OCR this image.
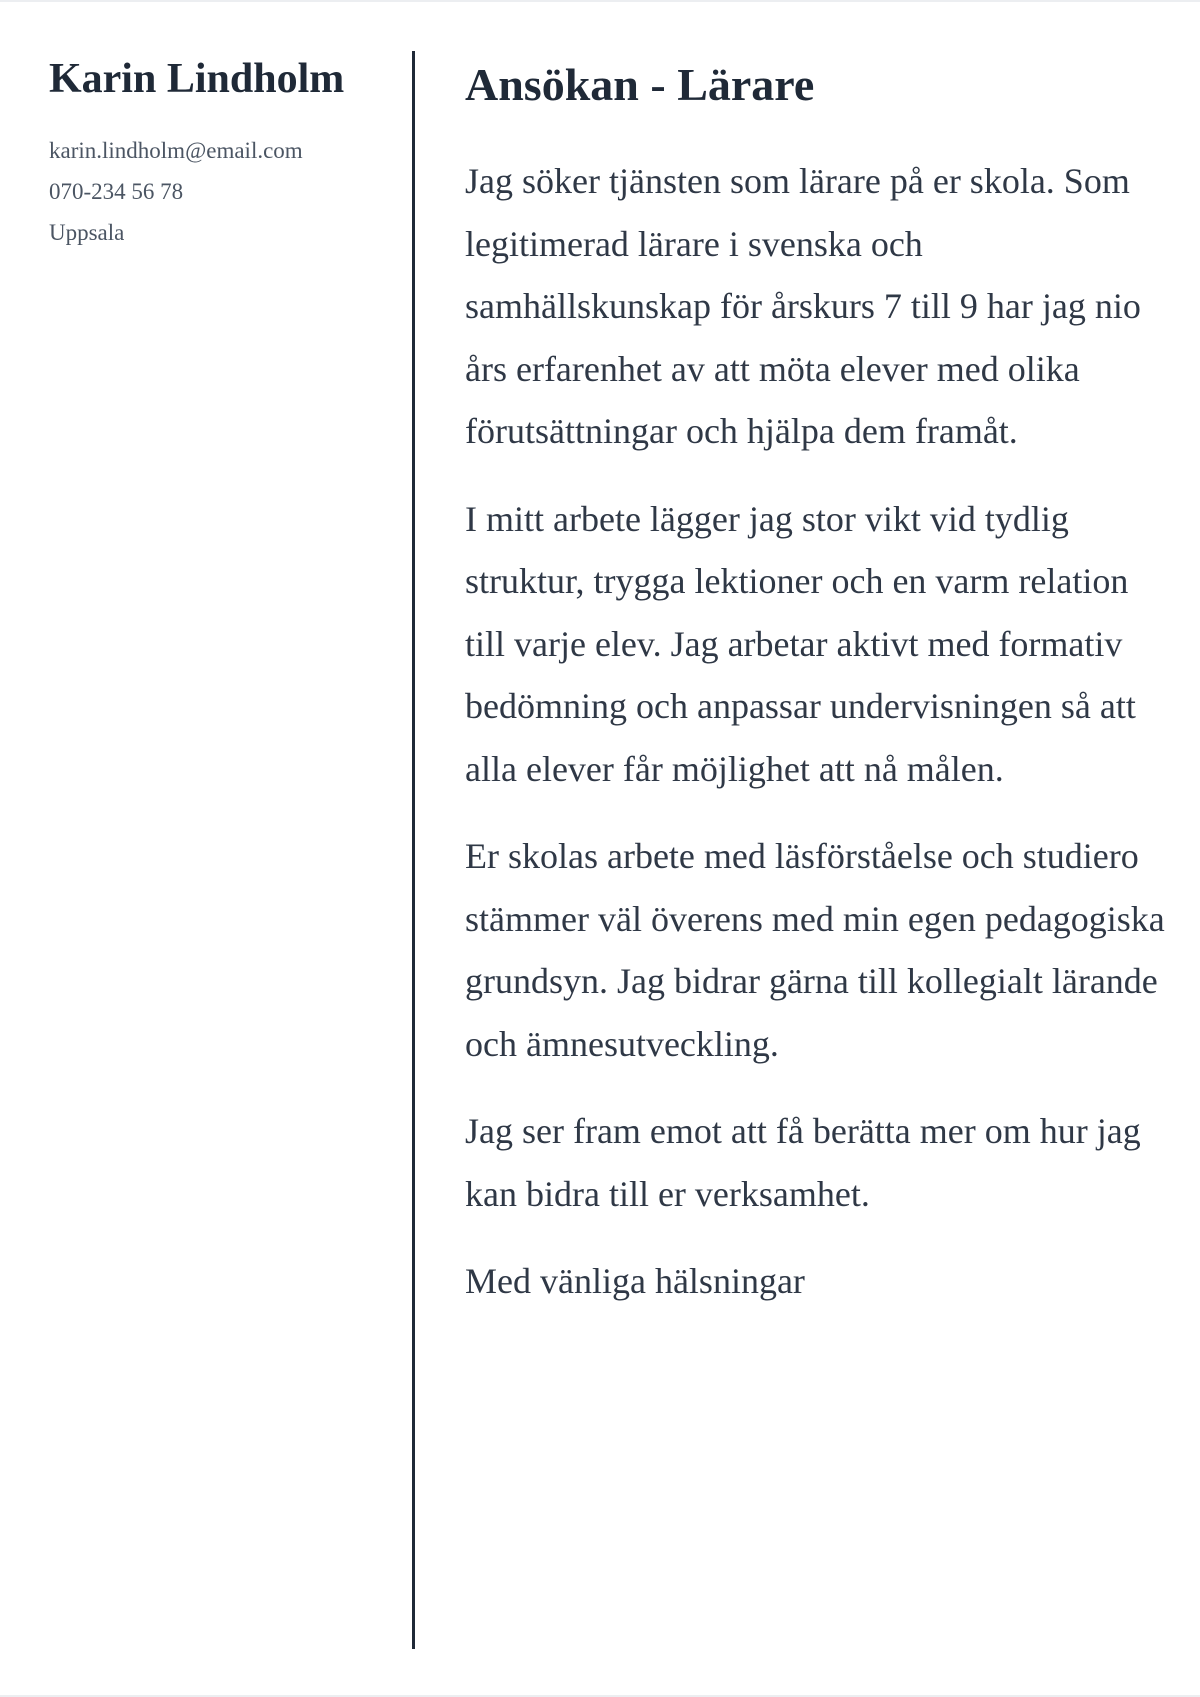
Karin Lindholm
karin.lindholm@email.com
070-234 56 78
Uppsala
Ansökan - Lärare

Jag söker tjänsten som lärare på er skola. Som legitimerad lärare i svenska och samhällskunskap för årskurs 7 till 9 har jag nio års erfarenhet av att möta elever med olika förutsättningar och hjälpa dem framåt.

I mitt arbete lägger jag stor vikt vid tydlig struktur, trygga lektioner och en varm relation till varje elev. Jag arbetar aktivt med formativ bedömning och anpassar undervisningen så att alla elever får möjlighet att nå målen.

Er skolas arbete med läsförståelse och studiero stämmer väl överens med min egen pedagogiska grundsyn. Jag bidrar gärna till kollegialt lärande och ämnesutveckling.

Jag ser fram emot att få berätta mer om hur jag kan bidra till er verksamhet.

Med vänliga hälsningar
